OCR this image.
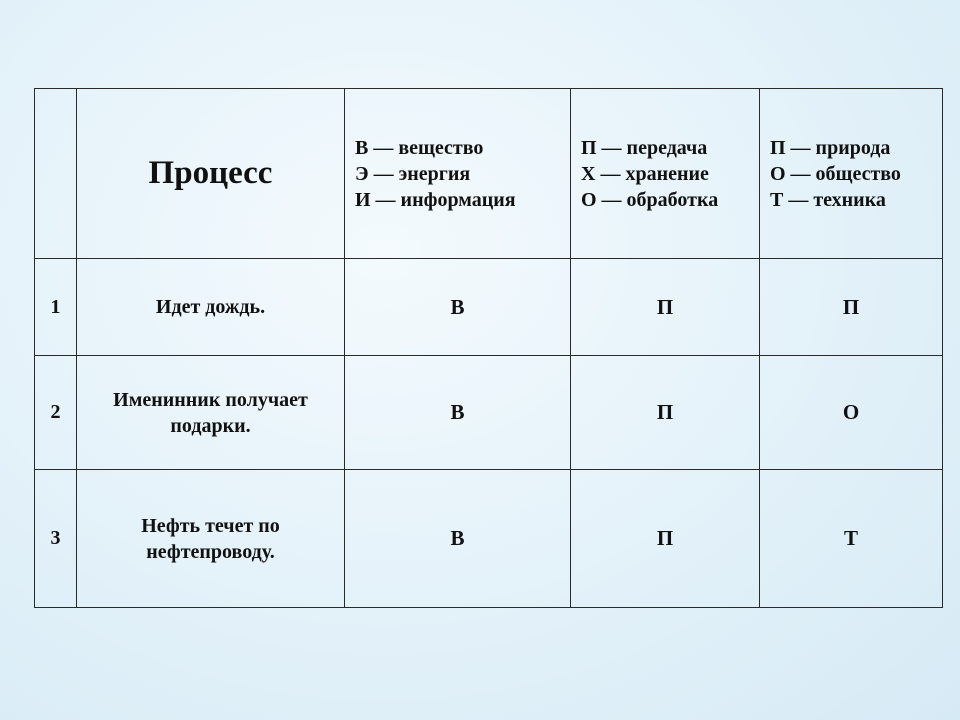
	Процесс	В — вещество
Э — энергия
И — информация	П — передача
Х — хранение
О — обработка	П — природа
О — общество
Т — техника

1	Идет дождь.	В	П	П
2	Именинник получает
подарки.	В	П	О
3	Нефть течет по
нефтепроводу.	В	П	Т
